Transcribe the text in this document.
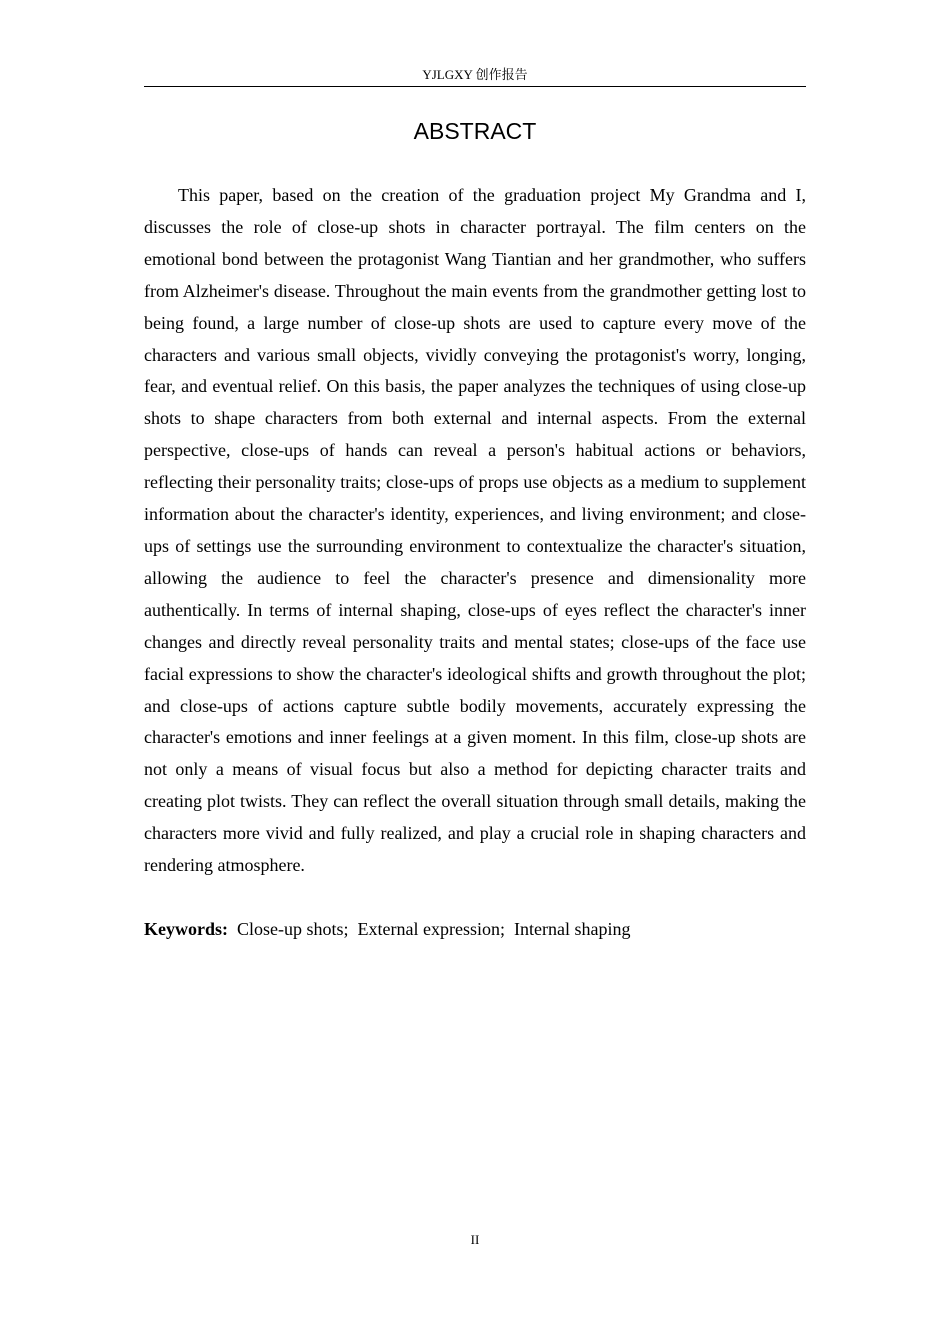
YJLGXY 创作报告
ABSTRACT

This paper, based on the creation of the graduation project My Grandma and I, discusses the role of close-up shots in character portrayal. The film centers on the emotional bond between the protagonist Wang Tiantian and her grandmother, who suffers from Alzheimer's disease. Throughout the main events from the grandmother getting lost to being found, a large number of close-up shots are used to capture every move of the characters and various small objects, vividly conveying the protagonist's worry, longing, fear, and eventual relief. On this basis, the paper analyzes the techniques of using close-up shots to shape characters from both external and internal aspects. From the external perspective, close-ups of hands can reveal a person's habitual actions or behaviors, reflecting their personality traits; close-ups of props use objects as a medium to supplement information about the character's identity, experiences, and living environment; and close-ups of settings use the surrounding environment to contextualize the character's situation, allowing the audience to feel the character's presence and dimensionality more authentically. In terms of internal shaping, close-ups of eyes reflect the character's inner changes and directly reveal personality traits and mental states; close-ups of the face use facial expressions to show the character's ideological shifts and growth throughout the plot; and close-ups of actions capture subtle bodily movements, accurately expressing the character's emotions and inner feelings at a given moment. In this film, close-up shots are not only a means of visual focus but also a method for depicting character traits and creating plot twists. They can reflect the overall situation through small details, making the characters more vivid and fully realized, and play a crucial role in shaping characters and rendering atmosphere.

Keywords: Close-up shots; External expression; Internal shaping
II
